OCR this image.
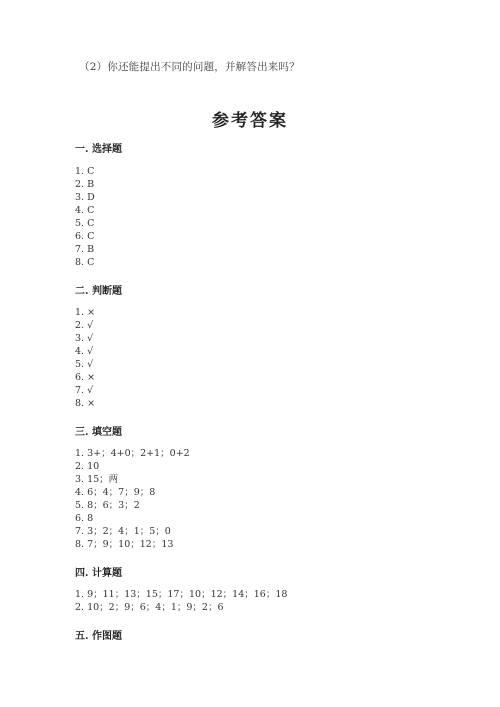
（2）你还能提出不同的问题，并解答出来吗？
参考答案
一. 选择题
1. C
2. B
3. D
4. C
5. C
6. C
7. B
8. C
二. 判断题
1. ×
2. √
3. √
4. √
5. √
6. ×
7. √
8. ×
三. 填空题
1. 3+；4+0；2+1；0+2
2. 10
3. 15；两
4. 6；4；7；9；8
5. 8；6；3；2
6. 8
7. 3；2；4；1；5；0
8. 7；9；10；12；13
四. 计算题
1. 9；11；13；15；17；10；12；14；16；18
2. 10；2；9；6；4；1；9；2；6
五. 作图题
